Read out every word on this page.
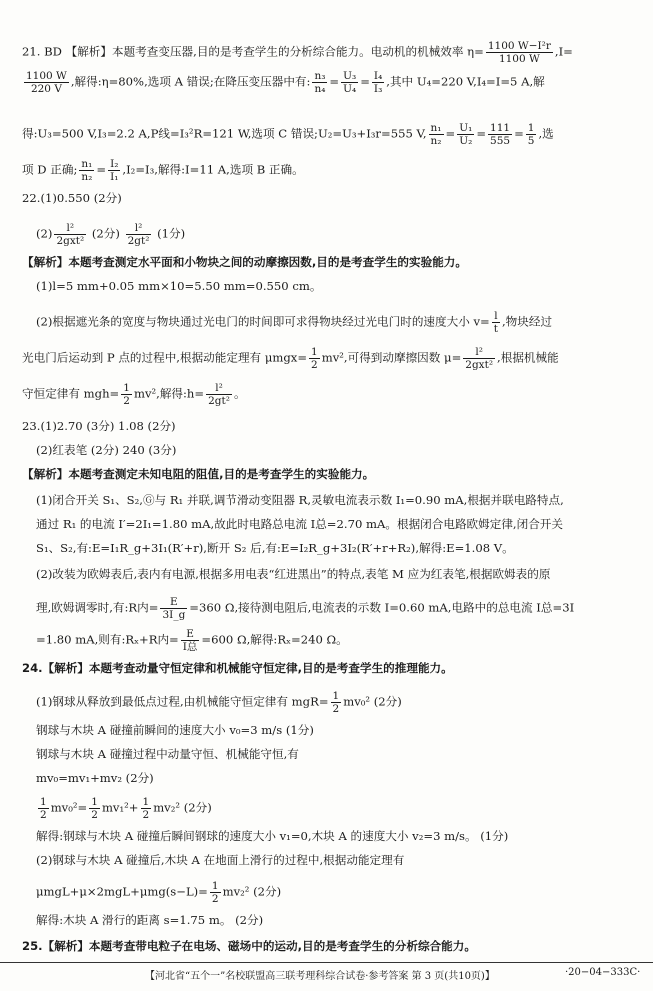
21. BD 【解析】本题考查变压器,目的是考查学生的分析综合能力。电动机的机械效率 $\eta= \frac{\text{1100 W−I²r}}{1100 W} ,I=$
$\frac{1100 W}{220 V}$ ,解得:η=80%,选项 A 错误;在降压变压器中有: $\frac{\text{n₃}}{\text{n₄}} = \frac{\text{U₃}}{\text{U₄}} = \frac{\text{I₄}}{\text{I₃}}$ ,其中 U₄=220 V,I₄=I=5 A,解
得:U₃=500 V,I₃=2.2 A,P线=I₃²R=121 W,选项 C 错误;U₂=U₃+I₃r=555 V, $\frac{\text{n₁}}{\text{n₂}} = \frac{\text{U₁}}{\text{U₂}} = \frac{111}{555} = \frac{1}{5}$ ,选
项 D 正确; $\frac{\text{n₁}}{\text{n₂}} = \frac{\text{I₂}}{\text{I₁}} ,I_2=I_3$,解得:I=11 A,选项 B 正确。
22.(1)0.550 (2分)
$(2) \frac{\text{l²}}{\text{2gxt²}} (2$分) $\frac{\text{l²}}{\text{2gt²}} (1$分)
【解析】本题考查测定水平面和小物块之间的动摩擦因数,目的是考查学生的实验能力。
(1)l=5 mm+0.05 mm×10=5.50 mm=0.550 cm。
(2)根据遮光条的宽度与物块通过光电门的时间即可求得物块经过光电门时的速度大小 $v= \frac{l}{t}$ ,物块经过
光电门后运动到 P 点的过程中,根据动能定理有 $\mu mgx= \frac{1}{2} mv^2$,可得到动摩擦因数 $\mu= \frac{\text{l²}}{\text{2gxt²}}$ ,根据机械能
守恒定律有 $mgh= \frac{1}{2} mv^2$,解得:h= $\frac{\text{l²}}{\text{2gt²}}$ 。
23.(1)2.70 (3分) 1.08 (2分)
(2)红表笔 (2分) 240 (3分)
【解析】本题考查测定未知电阻的阻值,目的是考查学生的实验能力。
(1)闭合开关 S₁、S₂,Ⓖ与 R₁ 并联,调节滑动变阻器 R,灵敏电流表示数 I₁=0.90 mA,根据并联电路特点,
通过 R₁ 的电流 I′=2I₁=1.80 mA,故此时电路总电流 I总=2.70 mA。根据闭合电路欧姆定律,闭合开关
S₁、S₂,有:E=I₁R_g+3I₁(R′+r),断开 S₂ 后,有:E=I₂R_g+3I₂(R′+r+R₂),解得:E=1.08 V。
(2)改装为欧姆表后,表内有电源,根据多用电表“红进黑出”的特点,表笔 M 应为红表笔,根据欧姆表的原
理,欧姆调零时,有:R内= $\frac{E}{3I\_g} =360$ Ω,接待测电阻后,电流表的示数 I=0.60 mA,电路中的总电流 I总=3I
=1.80 mA,则有:Rₓ+R内= $\frac{E}{\text{I总}} =600$ Ω,解得:Rₓ=240 Ω。
24.【解析】本题考查动量守恒定律和机械能守恒定律,目的是考查学生的推理能力。
(1)钢球从释放到最低点过程,由机械能守恒定律有 $mgR= \frac{1}{2} mv_0^2$ (2分)
钢球与木块 A 碰撞前瞬间的速度大小 v₀=3 m/s (1分)
钢球与木块 A 碰撞过程中动量守恒、机械能守恒,有
mv₀=mv₁+mv₂ (2分)
$\frac{1}{2} mv_0^2= \frac{1}{2} mv_1^2+ \frac{1}{2} mv_2^2$ (2分)
解得:钢球与木块 A 碰撞后瞬间钢球的速度大小 v₁=0,木块 A 的速度大小 v₂=3 m/s。 (1分)
(2)钢球与木块 A 碰撞后,木块 A 在地面上滑行的过程中,根据动能定理有
$\mu mgL+\mu\times 2mgL+\mu mg(s-L)= \frac{1}{2} mv_2^2$ (2分)
解得:木块 A 滑行的距离 s=1.75 m。 (2分)
25.【解析】本题考查带电粒子在电场、磁场中的运动,目的是考查学生的分析综合能力。
【河北省“五个一”名校联盟高三联考理科综合试卷·参考答案 第 3 页(共10页)】	·20−04−333C·
